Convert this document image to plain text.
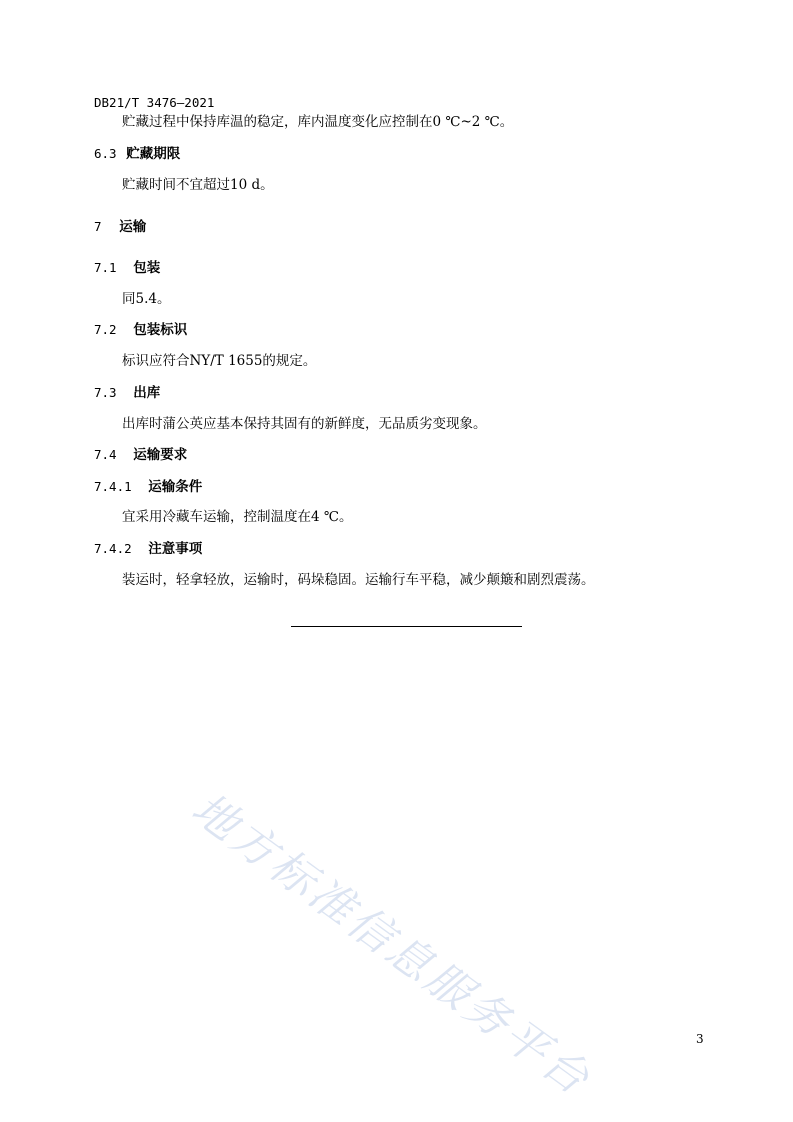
DB21/T 3476—2021
贮藏过程中保持库温的稳定，库内温度变化应控制在0 ℃~2 ℃。
6.3 贮藏期限
贮藏时间不宜超过10 d。
7 运输
7.1 包装
同5.4。
7.2 包装标识
标识应符合NY/T 1655的规定。
7.3 出库
出库时蒲公英应基本保持其固有的新鲜度，无品质劣变现象。
7.4 运输要求
7.4.1 运输条件
宜采用冷藏车运输，控制温度在4 ℃。
7.4.2 注意事项
装运时，轻拿轻放，运输时，码垛稳固。运输行车平稳，减少颠簸和剧烈震荡。
地方标准信息服务平台	3
